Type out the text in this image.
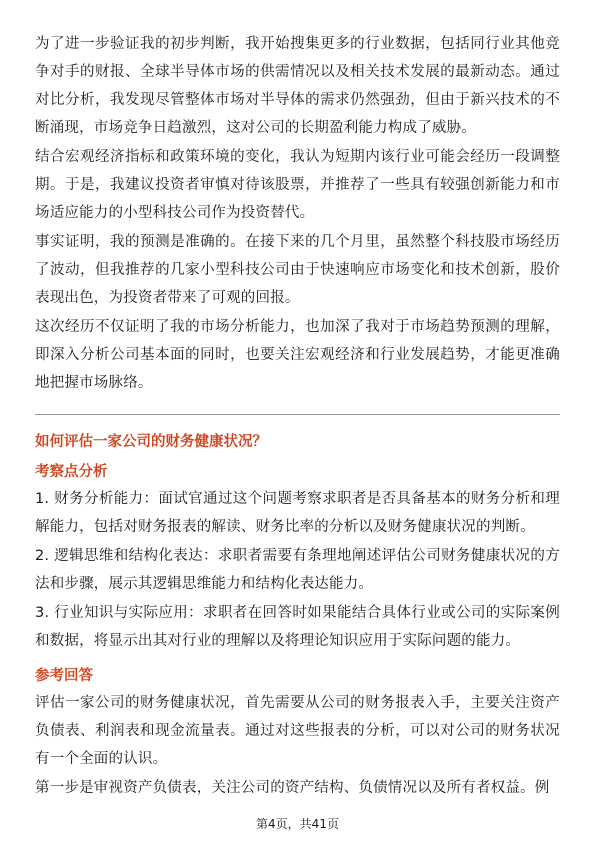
为了进一步验证我的初步判断，我开始搜集更多的行业数据，包括同行业其他竞争对手的财报、全球半导体市场的供需情况以及相关技术发展的最新动态。通过对比分析，我发现尽管整体市场对半导体的需求仍然强劲，但由于新兴技术的不断涌现，市场竞争日趋激烈，这对公司的长期盈利能力构成了威胁。

结合宏观经济指标和政策环境的变化，我认为短期内该行业可能会经历一段调整期。于是，我建议投资者审慎对待该股票，并推荐了一些具有较强创新能力和市场适应能力的小型科技公司作为投资替代。

事实证明，我的预测是准确的。在接下来的几个月里，虽然整个科技股市场经历了波动，但我推荐的几家小型科技公司由于快速响应市场变化和技术创新，股价表现出色，为投资者带来了可观的回报。

这次经历不仅证明了我的市场分析能力，也加深了我对于市场趋势预测的理解，即深入分析公司基本面的同时，也要关注宏观经济和行业发展趋势，才能更准确地把握市场脉络。

如何评估一家公司的财务健康状况？

考察点分析

1. 财务分析能力：面试官通过这个问题考察求职者是否具备基本的财务分析和理解能力，包括对财务报表的解读、财务比率的分析以及财务健康状况的判断。

2. 逻辑思维和结构化表达：求职者需要有条理地阐述评估公司财务健康状况的方法和步骤，展示其逻辑思维能力和结构化表达能力。

3. 行业知识与实际应用：求职者在回答时如果能结合具体行业或公司的实际案例和数据，将显示出其对行业的理解以及将理论知识应用于实际问题的能力。

参考回答

评估一家公司的财务健康状况，首先需要从公司的财务报表入手，主要关注资产负债表、利润表和现金流量表。通过对这些报表的分析，可以对公司的财务状况有一个全面的认识。

第一步是审视资产负债表，关注公司的资产结构、负债情况以及所有者权益。例

第4页，共41页
